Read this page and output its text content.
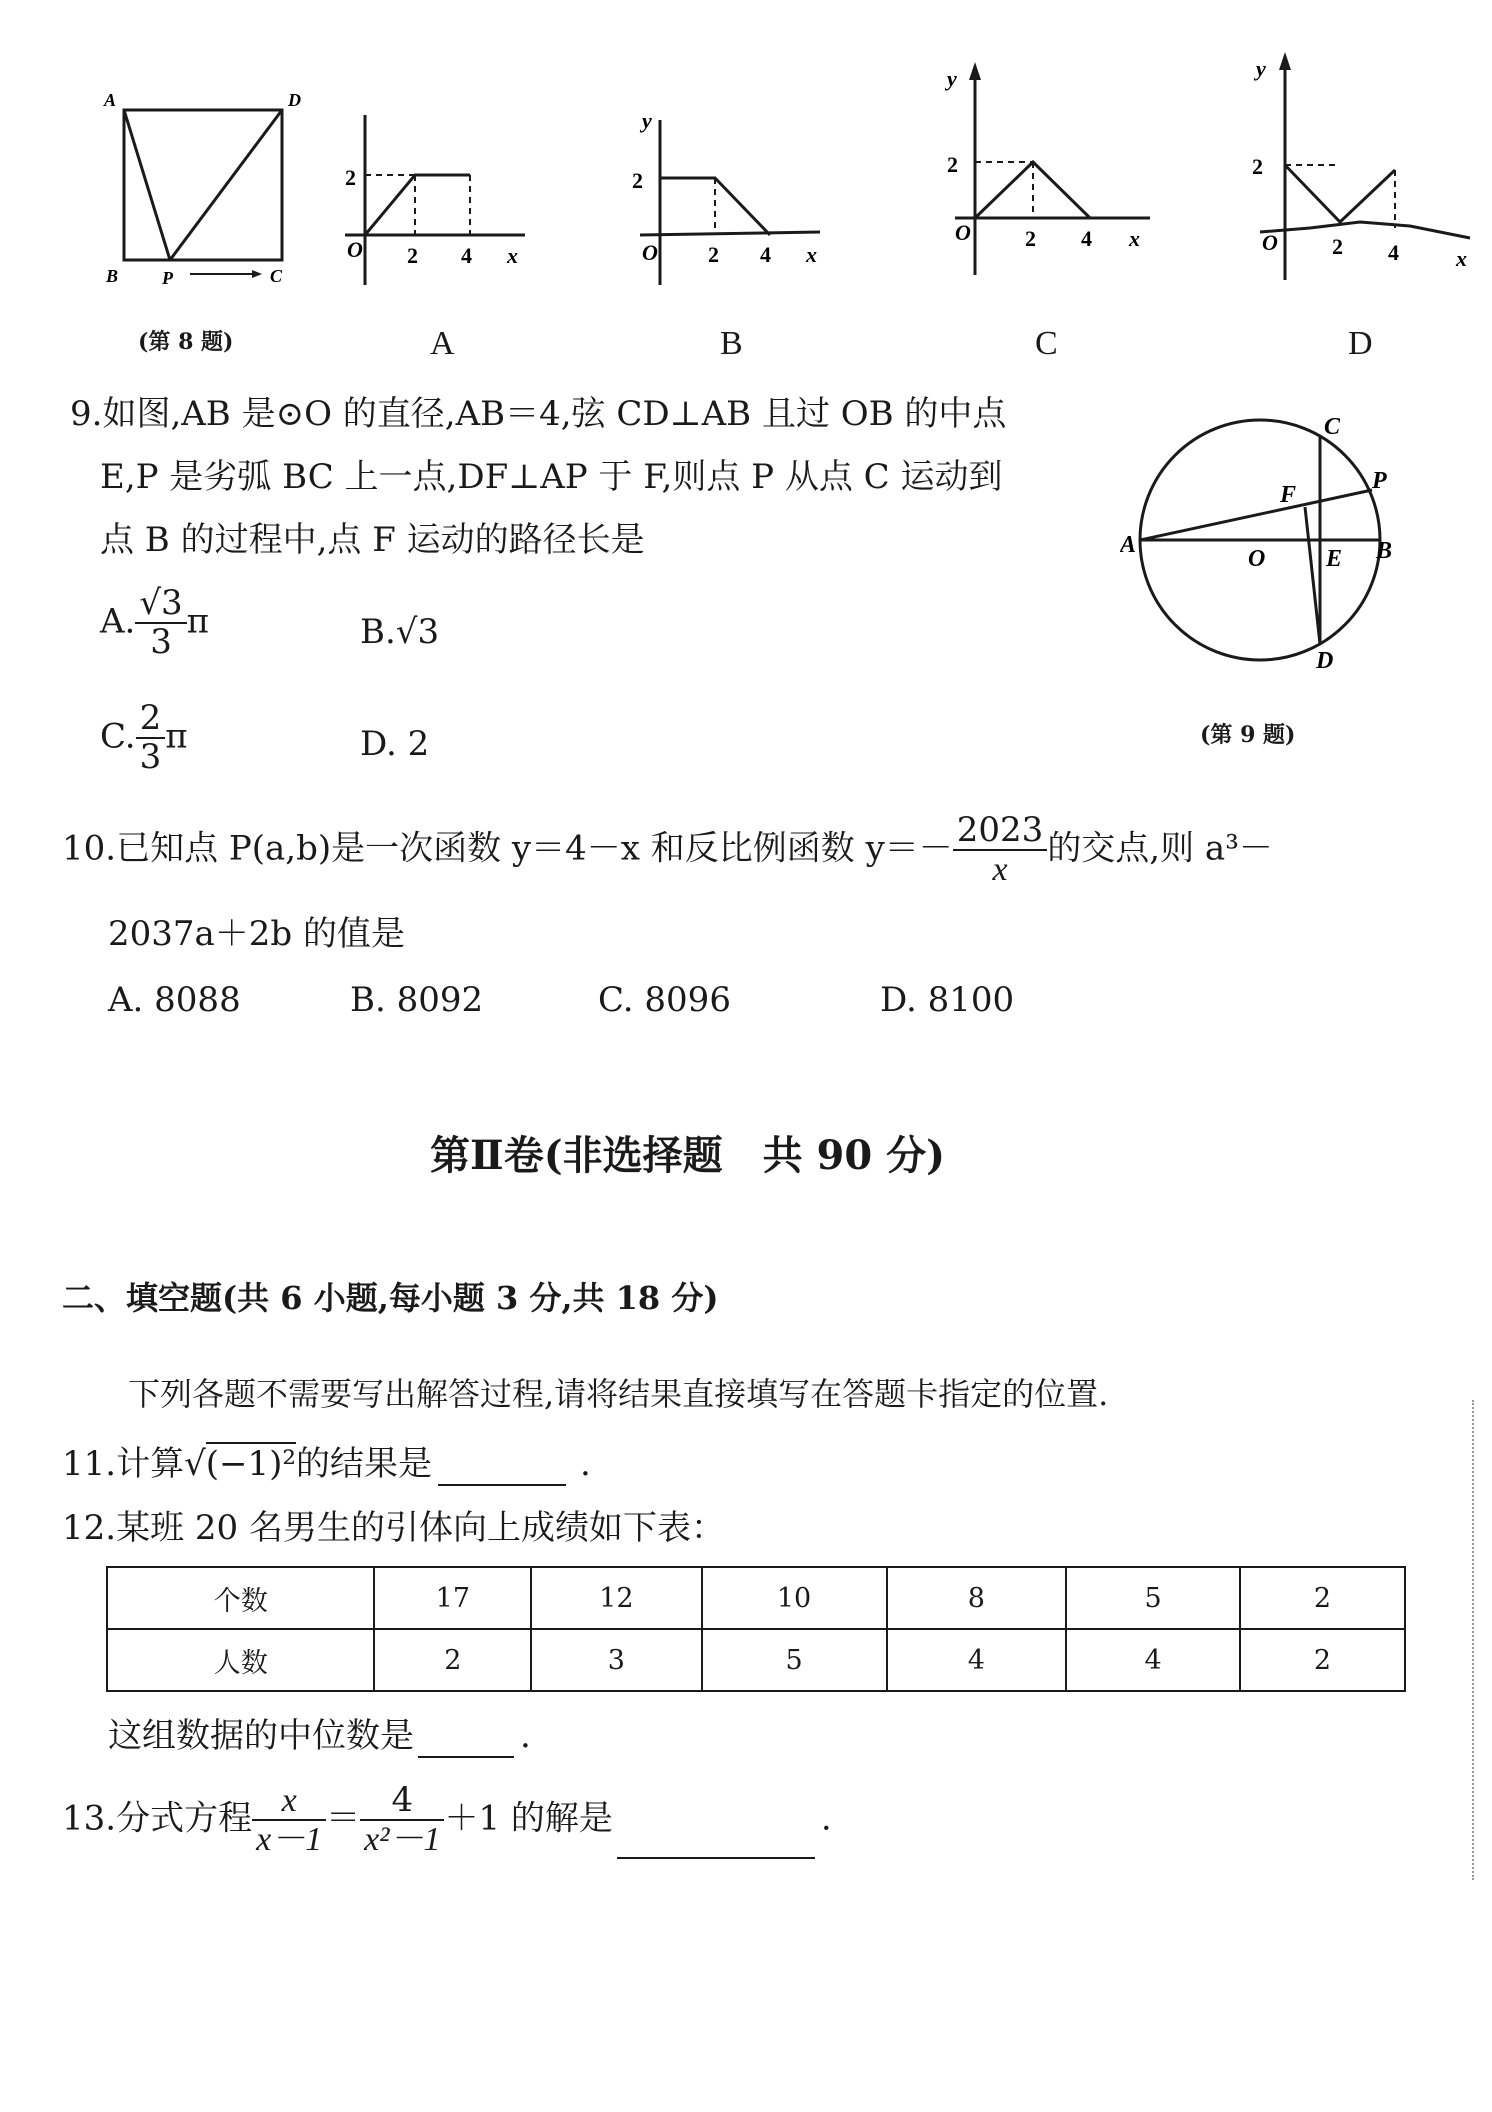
A	D
B P	C
(第 8 题)
2
O 2 4 x
A
y
2
O 2 4 x
B
y
2
O 2 4 x
C
y
2
O 2 4	x
D
9.如图,AB 是⊙O 的直径,AB＝4,弦 CD⊥AB 且过 OB 的中点
E,P 是劣弧 BC 上一点,DF⊥AP 于 F,则点 P 从点 C 运动到
点 B 的过程中,点 F 运动的路径长是
A. $\frac{√3}{3}$ π	B.√3
C. $\frac{2}{3}$ π	D. 2
C
P
F
A
O	E B
D
(第 9 题)
10.已知点 P(a,b)是一次函数 y＝4－x 和反比例函数 $y=- \frac{2023}{x}$ 的交点,则 a³－
2037a＋2b 的值是
A. 8088	B. 8092	C. 8096	D. 8100
第Ⅱ卷(非选择题　共 90 分)
二、填空题(共 6 小题,每小题 3 分,共 18 分)
下列各题不需要写出解答过程,请将结果直接填写在答题卡指定的位置.
11.计算√(−1)²的结果是	.
12.某班 20 名男生的引体向上成绩如下表：
个数	17	12	10	8	5	2
人数	2	3	5	4	4	2
这组数据的中位数是	.
13.分式方程 $\frac{x}{x-1} = \frac{4}{\text{x²－1}} +1$ 的解是	.
